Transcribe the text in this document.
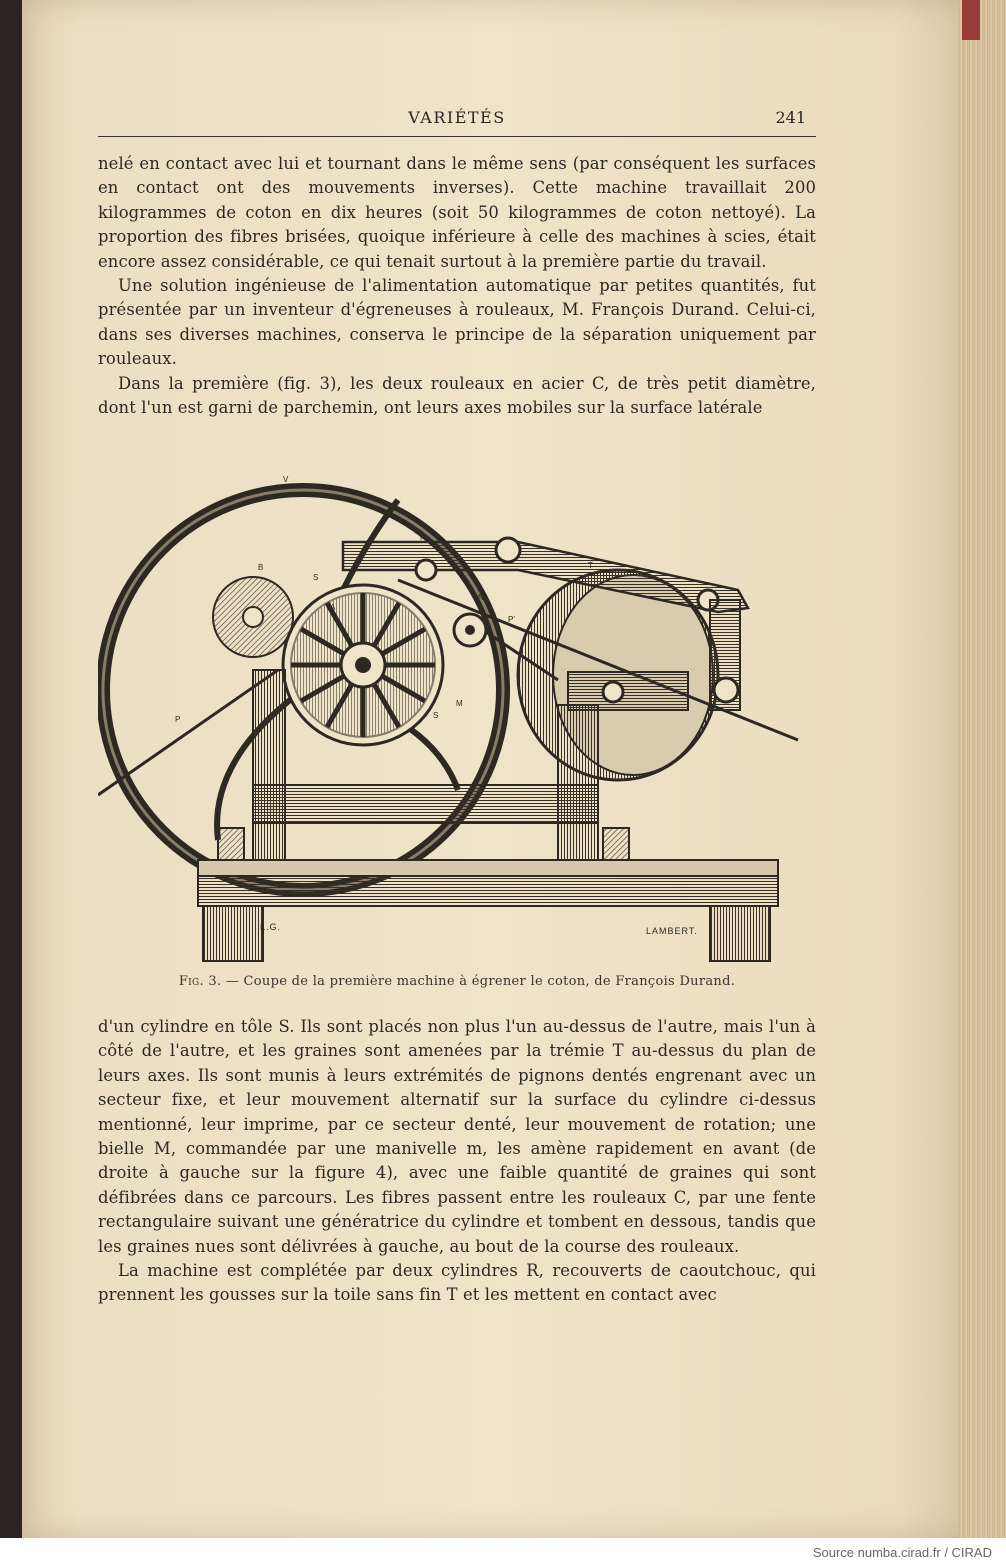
VARIÉTÉS	241

nelé en contact avec lui et tournant dans le même sens (par conséquent les surfaces en contact ont des mouvements inverses). Cette machine travaillait 200 kilogrammes de coton en dix heures (soit 50 kilogrammes de coton nettoyé). La proportion des fibres brisées, quoique inférieure à celle des machines à scies, était encore assez considérable, ce qui tenait surtout à la première partie du travail.

Une solution ingénieuse de l'alimentation automatique par petites quantités, fut présentée par un inventeur d'égreneuses à rouleaux, M. François Durand. Celui-ci, dans ses diverses machines, conserva le principe de la séparation uniquement par rouleaux.

Dans la première (fig. 3), les deux rouleaux en acier C, de très petit diamètre, dont l'un est garni de parchemin, ont leurs axes mobiles sur la surface latérale

V
R
T
B
S
A
N
P'
P	S
M
L.G.	LAMBERT.
Fig. 3. — Coupe de la première machine à égrener le coton, de François Durand.

d'un cylindre en tôle S. Ils sont placés non plus l'un au-dessus de l'autre, mais l'un à côté de l'autre, et les graines sont amenées par la trémie T au-dessus du plan de leurs axes. Ils sont munis à leurs extrémités de pignons dentés engrenant avec un secteur fixe, et leur mouvement alternatif sur la surface du cylindre ci-dessus mentionné, leur imprime, par ce secteur denté, leur mouvement de rotation; une bielle M, commandée par une manivelle m, les amène rapidement en avant (de droite à gauche sur la figure 4), avec une faible quantité de graines qui sont défibrées dans ce parcours. Les fibres passent entre les rouleaux C, par une fente rectangulaire suivant une génératrice du cylindre et tombent en dessous, tandis que les graines nues sont délivrées à gauche, au bout de la course des rouleaux.

La machine est complétée par deux cylindres R, recouverts de caoutchouc, qui prennent les gousses sur la toile sans fin T et les mettent en contact avec

Source numba.cirad.fr / CIRAD
